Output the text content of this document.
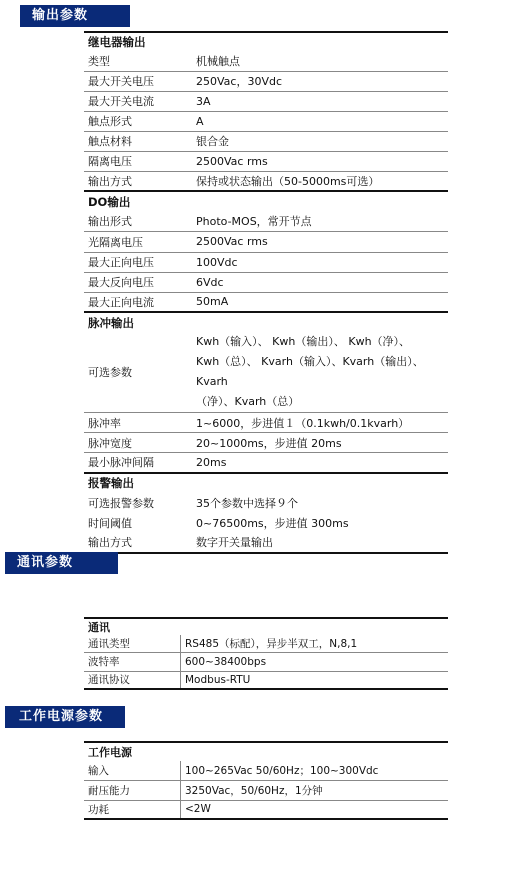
输出参数
继电器输出	
类型	机械触点
最大开关电压	250Vac，30Vdc
最大开关电流	3A
触点形式	A
触点材料	银合金
隔离电压	2500Vac rms
输出方式	保持或状态输出（50-5000ms可选）
DO输出	
输出形式	Photo-MOS，常开节点
光隔离电压	2500Vac rms
最大正向电压	100Vdc
最大反向电压	6Vdc
最大正向电流	50mA
脉冲输出	
可选参数	Kwh（输入）、 Kwh（输出）、 Kwh（净）、
Kwh（总）、 Kvarh（输入）、Kvarh（输出）、Kvarh
（净）、Kvarh（总）

脉冲率	1~6000，步进值１（0.1kwh/0.1kvarh）
脉冲宽度	20~1000ms，步进值 20ms
最小脉冲间隔	20ms
报警输出	
可选报警参数	35个参数中选择９个
时间阈值	0~76500ms，步进值 300ms
输出方式	数字开关量输出
通讯参数
通讯	
通讯类型	RS485（标配），异步半双工，N,8,1
波特率	600~38400bps
通讯协议	Modbus-RTU
工作电源参数
工作电源	
输入	100~265Vac 50/60Hz；100~300Vdc
耐压能力	3250Vac，50/60Hz，1分钟
功耗	<2W
